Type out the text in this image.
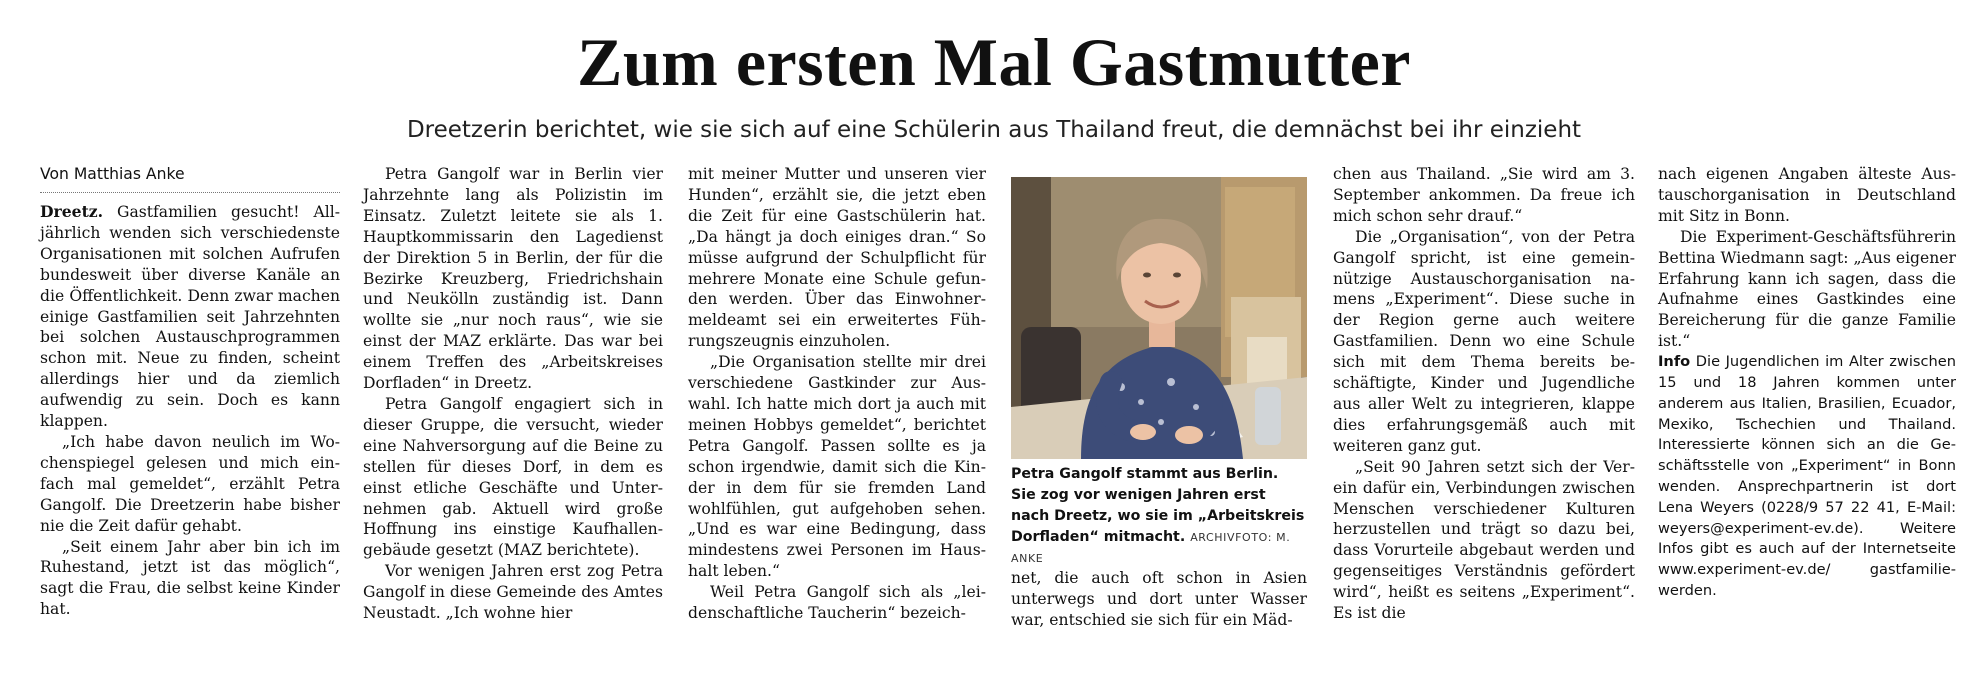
Zum ersten Mal Gastmutter
Dreetzerin berichtet, wie sie sich auf eine Schülerin aus Thailand freut, die demnächst bei ihr einzieht
Von Matthias Anke

Dreetz. Gastfamilien gesucht! Alljährlich wenden sich verschiedenste Organisationen mit solchen Aufrufen bundesweit über diverse Kanäle an die Öffentlichkeit. Denn zwar machen einige Gastfamilien seit Jahrzehnten bei solchen Austauschprogrammen schon mit. Neue zu finden, scheint allerdings hier und da ziemlich aufwendig zu sein. Doch es kann klappen.

„Ich habe davon neulich im Wochenspiegel gelesen und mich einfach mal gemeldet“, erzählt Petra Gangolf. Die Dreetzerin habe bisher nie die Zeit dafür gehabt.

„Seit einem Jahr aber bin ich im Ruhestand, jetzt ist das möglich“, sagt die Frau, die selbst keine Kinder hat.

Petra Gangolf war in Berlin vier Jahrzehnte lang als Polizistin im Einsatz. Zuletzt leitete sie als 1. Hauptkommissarin den Lagedienst der Direktion 5 in Berlin, der für die Bezirke Kreuzberg, Friedrichshain und Neukölln zuständig ist. Dann wollte sie „nur noch raus“, wie sie einst der MAZ erklärte. Das war bei einem Treffen des „Arbeitskreises Dorfladen“ in Dreetz.

Petra Gangolf engagiert sich in dieser Gruppe, die versucht, wieder eine Nahversorgung auf die Beine zu stellen für dieses Dorf, in dem es einst etliche Geschäfte und Unternehmen gab. Aktuell wird große Hoffnung ins einstige Kaufhallengebäude gesetzt (MAZ berichtete).

Vor wenigen Jahren erst zog Petra Gangolf in diese Gemeinde des Amtes Neustadt. „Ich wohne hier

mit meiner Mutter und unseren vier Hunden“, erzählt sie, die jetzt eben die Zeit für eine Gastschülerin hat. „Da hängt ja doch einiges dran.“ So müsse aufgrund der Schulpflicht für mehrere Monate eine Schule gefunden werden. Über das Einwohnermeldeamt sei ein erweitertes Führungszeugnis einzuholen.

„Die Organisation stellte mir drei verschiedene Gastkinder zur Auswahl. Ich hatte mich dort ja auch mit meinen Hobbys gemeldet“, berichtet Petra Gangolf. Passen sollte es ja schon irgendwie, damit sich die Kinder in dem für sie fremden Land wohlfühlen, gut aufgehoben sehen. „Und es war eine Bedingung, dass mindestens zwei Personen im Haushalt leben.“

Weil Petra Gangolf sich als „leidenschaftliche Taucherin“ bezeich-

Petra Gangolf stammt aus Berlin. Sie zog vor wenigen Jahren erst nach Dreetz, wo sie im „Arbeitskreis Dorfladen“ mitmacht. ARCHIVFOTO: M. ANKE

net, die auch oft schon in Asien unterwegs und dort unter Wasser war, entschied sie sich für ein Mäd-

chen aus Thailand. „Sie wird am 3. September ankommen. Da freue ich mich schon sehr drauf.“

Die „Organisation“, von der Petra Gangolf spricht, ist eine gemeinnützige Austauschorganisation namens „Experiment“. Diese suche in der Region gerne auch weitere Gastfamilien. Denn wo eine Schule sich mit dem Thema bereits beschäftigte, Kinder und Jugendliche aus aller Welt zu integrieren, klappe dies erfahrungsgemäß auch mit weiteren ganz gut.

„Seit 90 Jahren setzt sich der Verein dafür ein, Verbindungen zwischen Menschen verschiedener Kulturen herzustellen und trägt so dazu bei, dass Vorurteile abgebaut werden und gegenseitiges Verständnis gefördert wird“, heißt es seitens „Experiment“. Es ist die

nach eigenen Angaben älteste Austauschorganisation in Deutschland mit Sitz in Bonn.

Die Experiment-Geschäftsführerin Bettina Wiedmann sagt: „Aus eigener Erfahrung kann ich sagen, dass die Aufnahme eines Gastkindes eine Bereicherung für die ganze Familie ist.“

Info Die Jugendlichen im Alter zwischen 15 und 18 Jahren kommen unter anderem aus Italien, Brasilien, Ecuador, Mexiko, Tschechien und Thailand. Interessierte können sich an die Geschäftsstelle von „Experiment“ in Bonn wenden. Ansprechpartnerin ist dort Lena Weyers (0228/9 57 22 41, E-Mail: weyers@experiment-ev.de). Weitere Infos gibt es auch auf der Internetseite www.experiment-ev.de/ gastfamilie-werden.
